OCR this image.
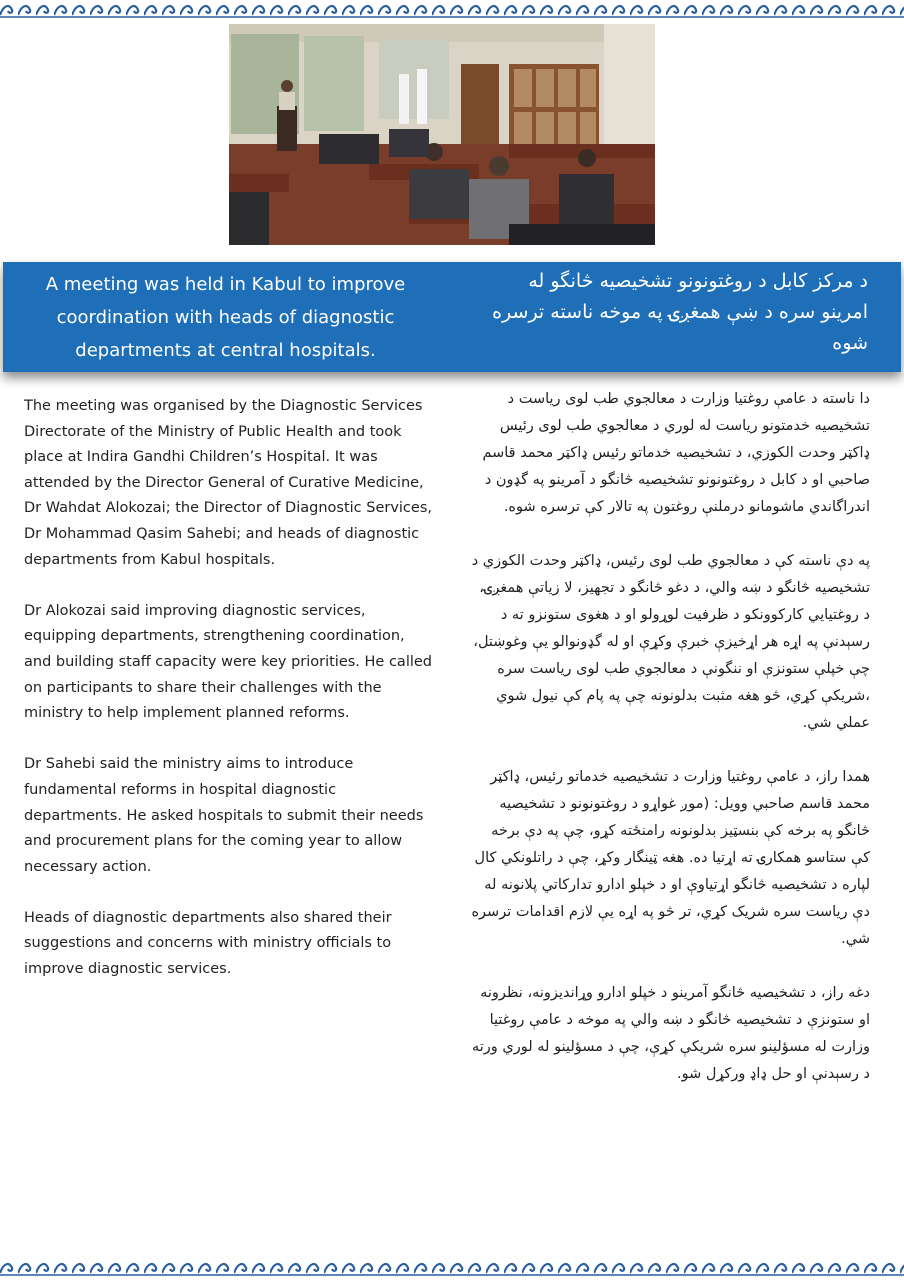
A meeting was held in Kabul to improve coordination with heads of diagnostic departments at central hospitals.
د مرکز کابل د روغتونونو تشخیصیه څانگو له امرینو سره د ښې همغږۍ په موخه ناسته ترسره شوه

The meeting was organised by the Diagnostic Services Directorate of the Ministry of Public Health and took place at Indira Gandhi Children’s Hospital. It was attended by the Director General of Curative Medicine, Dr Wahdat Alokozai; the Director of Diagnostic Services, Dr Mohammad Qasim Sahebi; and heads of diagnostic departments from Kabul hospitals.

Dr Alokozai said improving diagnostic services, equipping departments, strengthening coordination, and building staff capacity were key priorities. He called on participants to share their challenges with the ministry to help implement planned reforms.

Dr Sahebi said the ministry aims to introduce fundamental reforms in hospital diagnostic departments. He asked hospitals to submit their needs and procurement plans for the coming year to allow necessary action.

Heads of diagnostic departments also shared their suggestions and concerns with ministry officials to improve diagnostic services.

دا ناسته د عامې روغتیا وزارت د معالجوي طب لوی ریاست د تشخیصیه خدمتونو ریاست له لوري د معالجوي طب لوی رئیس ډاکټر وحدت الکوزي، د تشخیصیه خدماتو رئیس ډاکټر محمد قاسم صاحبي او د کابل د روغتونونو تشخیصیه څانگو د آمرینو په گډون د اندراگاندي ماشومانو درملنې روغتون په تالار کې ترسره شوه.

په دې ناسته کې د معالجوي طب لوی رئیس، ډاکټر وحدت الکوزي د تشخیصیه څانگو د ښه والي، د دغو څانگو د تجهیز، لا زیاتې همغږۍ، د روغتیایي کارکوونکو د ظرفیت لوړولو او د هغوی ستونزو ته د رسېدنې په اړه هر اړخیزې خبرې وکړې او له گډونوالو یې وغوښتل، چې خپلې ستونزې او ننگونې د معالجوي طب لوی ریاست سره ،شریکې کړي، څو هغه مثبت بدلونونه چې په پام کې نیول شوي عملي شي.

همدا راز، د عامې روغتیا وزارت د تشخیصیه خدماتو رئیس، ډاکټر محمد قاسم صاحبي وویل: (موږ غواړو د روغتونونو د تشخیصیه څانگو په برخه کې بنسټیز بدلونونه رامنځته کړو، چې په دې برخه کې ستاسو همکارۍ ته اړتیا ده. هغه ټینگار وکړ، چې د راتلونکي کال لپاره د تشخیصیه څانگو اړتیاوې او د خپلو ادارو تدارکاتي پلانونه له دې ریاست سره شریک کړي، تر څو په اړه یې لازم اقدامات ترسره شي.

دغه راز، د تشخیصیه څانگو آمرینو د خپلو ادارو وړاندیزونه، نظرونه او ستونزې د تشخیصیه څانگو د ښه والي په موخه د عامې روغتیا وزارت له مسؤلینو سره شریکې کړې، چې د مسؤلینو له لوري ورته د رسېدنې او حل ډاډ ورکړل شو.
